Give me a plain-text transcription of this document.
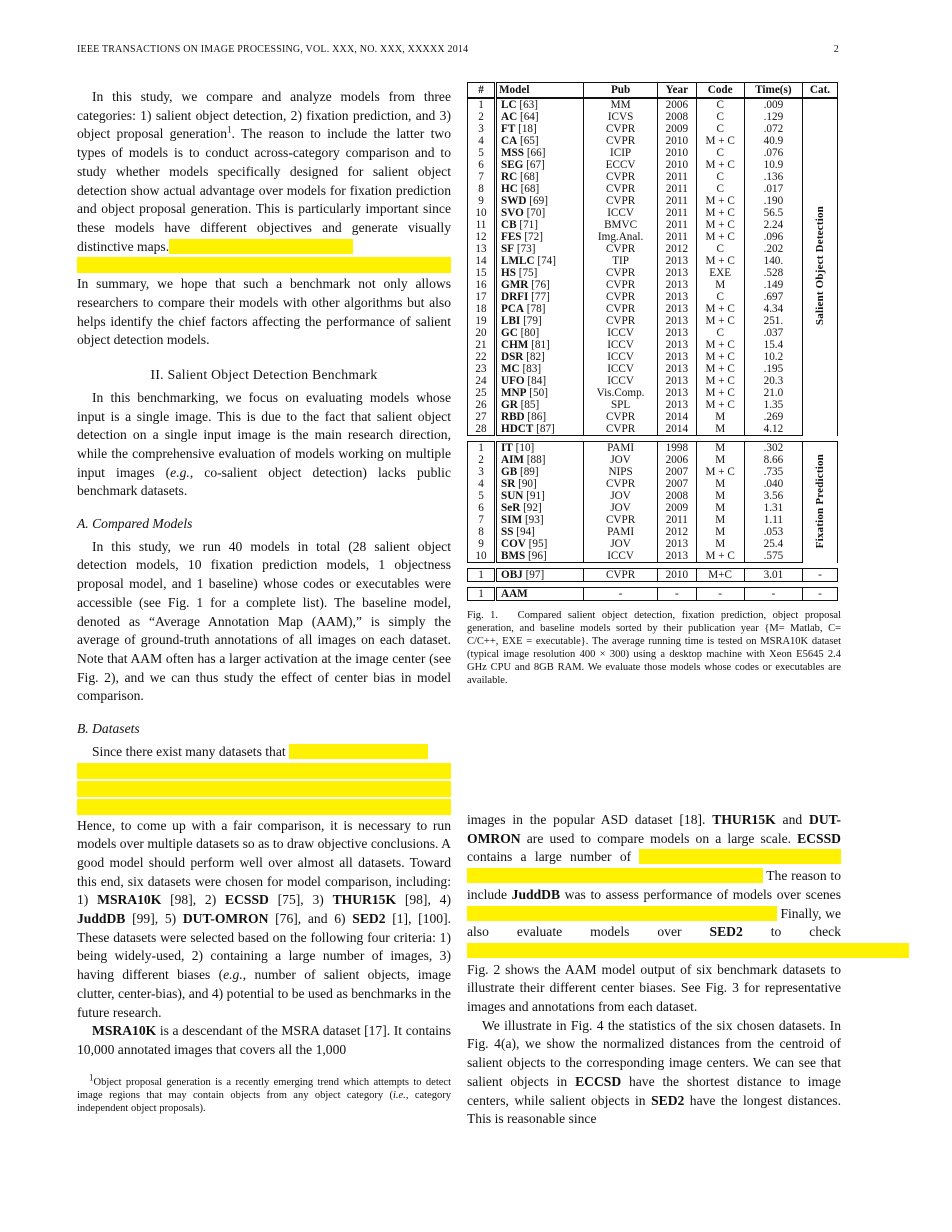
IEEE TRANSACTIONS ON IMAGE PROCESSING, VOL. XXX, NO. XXX, XXXXX 2014	2

In this study, we compare and analyze models from three categories: 1) salient object detection, 2) fixation prediction, and 3) object proposal generation$^1$. The reason to include the latter two types of models is to conduct across-category comparison and to study whether models specifically designed for salient object detection show actual advantage over models for fixation prediction and object proposal generation. This is particularly important since these models have different objectives and generate visually distinctive maps.

In summary, we hope that such a benchmark not only allows researchers to compare their models with other algorithms but also helps identify the chief factors affecting the performance of salient object detection models.

II. Salient Object Detection Benchmark

In this benchmarking, we focus on evaluating models whose input is a single image. This is due to the fact that salient object detection on a single input image is the main research direction, while the comprehensive evaluation of models working on multiple input images (e.g., co-salient object detection) lacks public benchmark datasets.

A. Compared Models

In this study, we run 40 models in total (28 salient object detection models, 10 fixation prediction models, 1 objectness proposal model, and 1 baseline) whose codes or executables were accessible (see Fig. 1 for a complete list). The baseline model, denoted as “Average Annotation Map (AAM),” is simply the average of ground-truth annotations of all images on each dataset. Note that AAM often has a larger activation at the image center (see Fig. 2), and we can thus study the effect of center bias in model comparison.

B. Datasets

Since there exist many datasets that

Hence, to come up with a fair comparison, it is necessary to run models over multiple datasets so as to draw objective conclusions. A good model should perform well over almost all datasets. Toward this end, six datasets were chosen for model comparison, including: 1) MSRA10K [98], 2) ECSSD [75], 3) THUR15K [98], 4) JuddDB [99], 5) DUT-OMRON [76], and 6) SED2 [1], [100]. These datasets were selected based on the following four criteria: 1) being widely-used, 2) containing a large number of images, 3) having different biases (e.g., number of salient objects, image clutter, center-bias), and 4) potential to be used as benchmarks in the future research.

MSRA10K is a descendant of the MSRA dataset [17]. It contains 10,000 annotated images that covers all the 1,000

1Object proposal generation is a recently emerging trend which attempts to detect image regions that may contain objects from any object category (i.e., category independent object proposals).

#	Model	Pub	Year	Code	Time(s)	Cat.
1	LC [63]	MM	2006	C	.009	Salient Object Detection
2	AC [64]	ICVS	2008	C	.129	
3	FT [18]	CVPR	2009	C	.072	
4	CA [65]	CVPR	2010	M + C	40.9	
5	MSS [66]	ICIP	2010	C	.076	
6	SEG [67]	ECCV	2010	M + C	10.9	
7	RC [68]	CVPR	2011	C	.136	
8	HC [68]	CVPR	2011	C	.017	
9	SWD [69]	CVPR	2011	M + C	.190	
10	SVO [70]	ICCV	2011	M + C	56.5	
11	CB [71]	BMVC	2011	M + C	2.24	
12	FES [72]	Img.Anal.	2011	M + C	.096	
13	SF [73]	CVPR	2012	C	.202	
14	LMLC [74]	TIP	2013	M + C	140.	
15	HS [75]	CVPR	2013	EXE	.528	
16	GMR [76]	CVPR	2013	M	.149	
17	DRFI [77]	CVPR	2013	C	.697	
18	PCA [78]	CVPR	2013	M + C	4.34	
19	LBI [79]	CVPR	2013	M + C	251.	
20	GC [80]	ICCV	2013	C	.037	
21	CHM [81]	ICCV	2013	M + C	15.4	
22	DSR [82]	ICCV	2013	M + C	10.2	
23	MC [83]	ICCV	2013	M + C	.195	
24	UFO [84]	ICCV	2013	M + C	20.3	
25	MNP [50]	Vis.Comp.	2013	M + C	21.0	
26	GR [85]	SPL	2013	M + C	1.35	
27	RBD [86]	CVPR	2014	M	.269	
28	HDCT [87]	CVPR	2014	M	4.12	

1	IT [10]	PAMI	1998	M	.302	Fixation Prediction
2	AIM [88]	JOV	2006	M	8.66	
3	GB [89]	NIPS	2007	M + C	.735	
4	SR [90]	CVPR	2007	M	.040	
5	SUN [91]	JOV	2008	M	3.56	
6	SeR [92]	JOV	2009	M	1.31	
7	SIM [93]	CVPR	2011	M	1.11	
8	SS [94]	PAMI	2012	M	.053	
9	COV [95]	JOV	2013	M	25.4	
10	BMS [96]	ICCV	2013	M + C	.575	

1	OBJ [97]	CVPR	2010	M+C	3.01	-

1	AAM	-	-	-	-	-
Fig. 1. Compared salient object detection, fixation prediction, object proposal generation, and baseline models sorted by their publication year {M= Matlab, C= C/C++, EXE = executable}. The average running time is tested on MSRA10K dataset (typical image resolution 400 × 300) using a desktop machine with Xeon E5645 2.4 GHz CPU and 8GB RAM. We evaluate those models whose codes or executables are available.

images in the popular ASD dataset [18]. THUR15K and DUT-OMRON are used to compare models on a large scale. ECSSD contains a large number of                                                                                                          The reason to include JuddDB was to assess performance of models over scenes                                                                                       Finally, we also evaluate models over SED2 to check                                                                                                                                    Fig. 2 shows the AAM model output of six benchmark datasets to illustrate their different center biases. See Fig. 3 for representative images and annotations from each dataset.

We illustrate in Fig. 4 the statistics of the six chosen datasets. In Fig. 4(a), we show the normalized distances from the centroid of salient objects to the corresponding image centers. We can see that salient objects in ECCSD have the shortest distance to image centers, while salient objects in SED2 have the longest distances. This is reasonable since
